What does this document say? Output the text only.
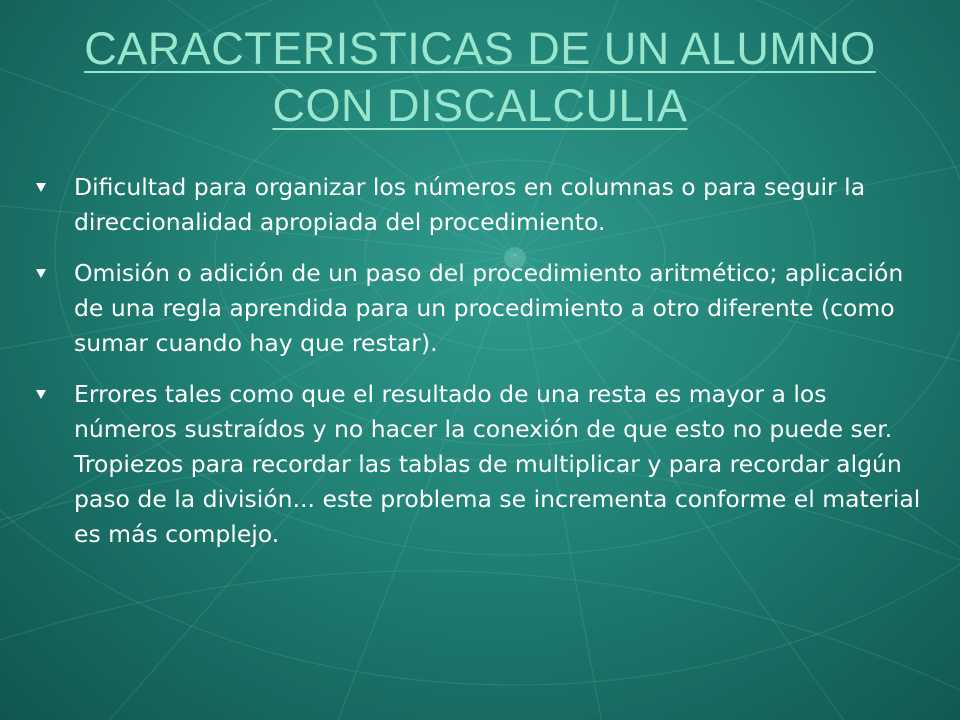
CARACTERISTICAS DE UN ALUMNO CON DISCALCULIA
Dificultad para organizar los números en columnas o para seguir la direccionalidad apropiada del procedimiento.
Omisión o adición de un paso del procedimiento aritmético; aplicación de una regla aprendida para un procedimiento a otro diferente (como sumar cuando hay que restar).
Errores tales como que el resultado de una resta es mayor a los números sustraídos y no hacer la conexión de que esto no puede ser. Tropiezos para recordar las tablas de multiplicar y para recordar algún paso de la división... este problema se incrementa conforme el material es más complejo.
